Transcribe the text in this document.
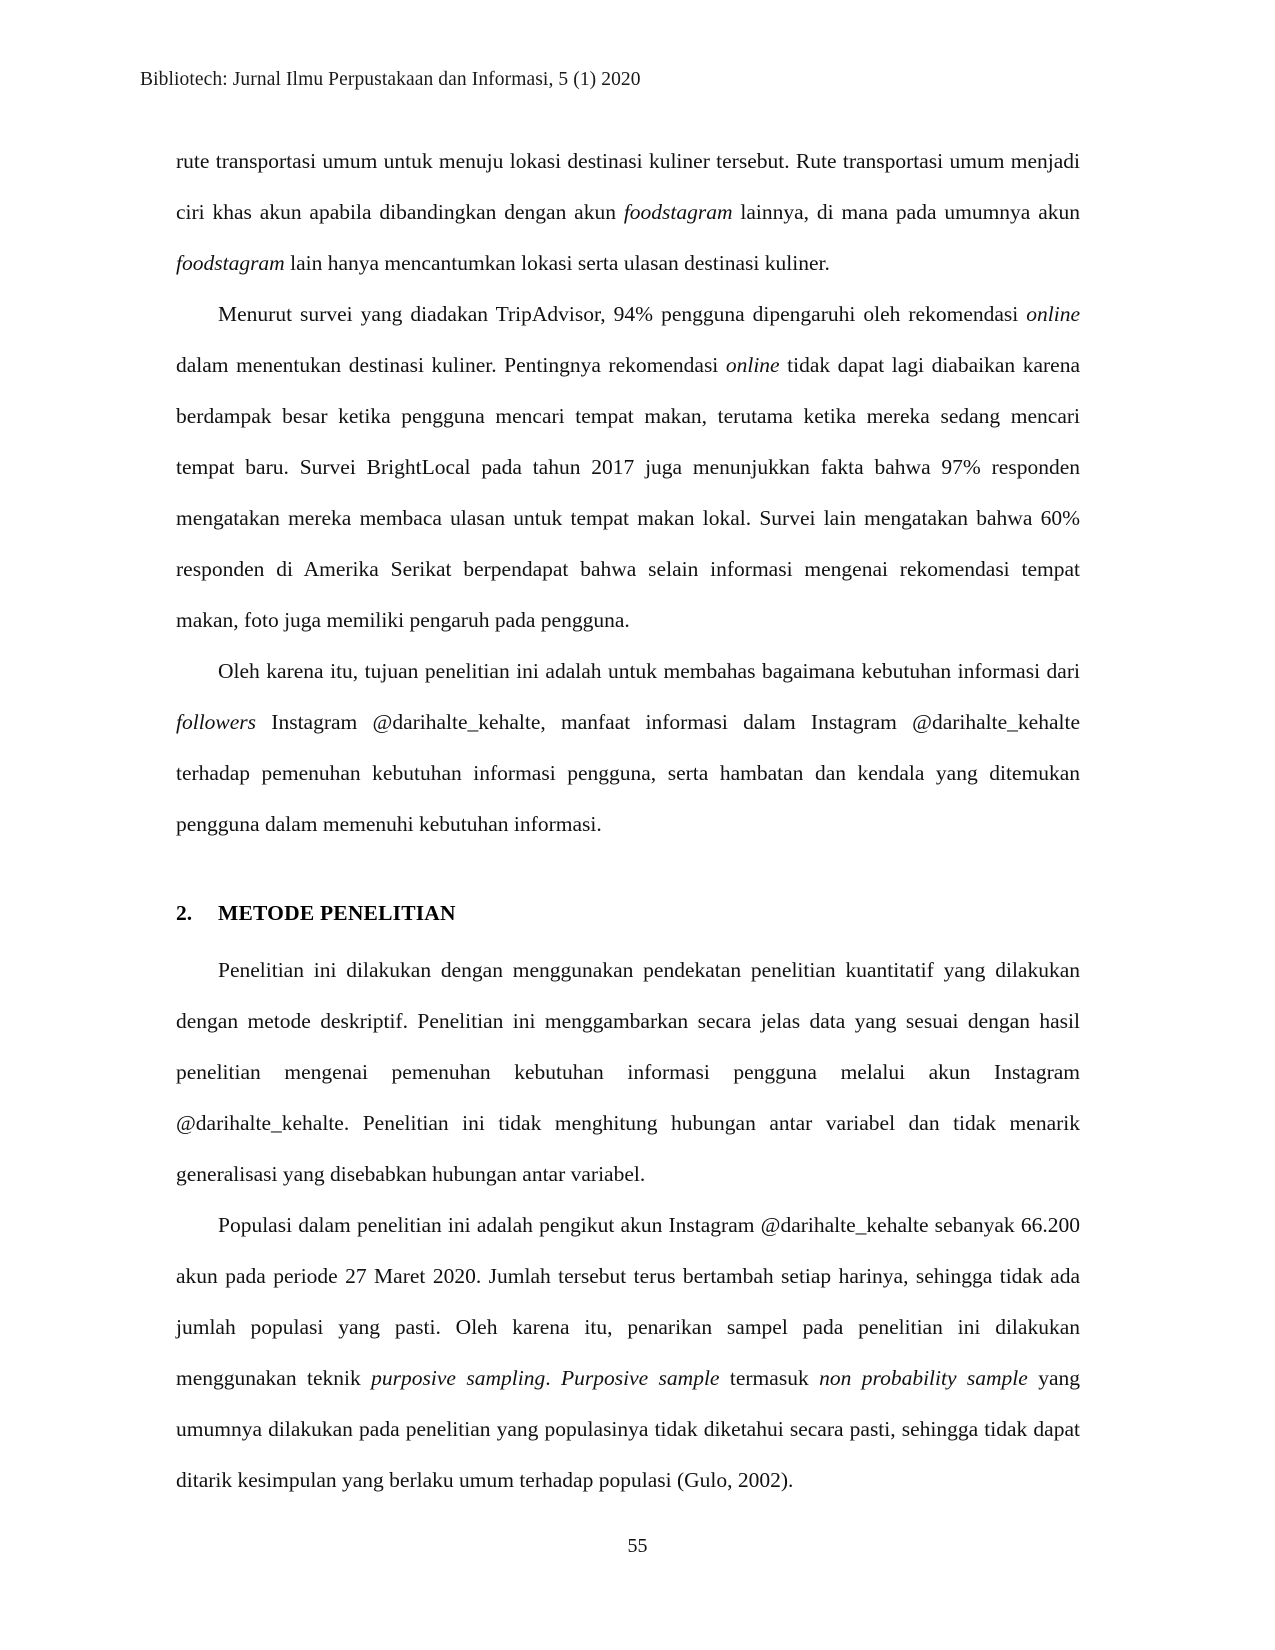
Bibliotech: Jurnal Ilmu Perpustakaan dan Informasi, 5 (1) 2020

rute transportasi umum untuk menuju lokasi destinasi kuliner tersebut. Rute transportasi umum menjadi ciri khas akun apabila dibandingkan dengan akun foodstagram lainnya, di mana pada umumnya akun foodstagram lain hanya mencantumkan lokasi serta ulasan destinasi kuliner.

Menurut survei yang diadakan TripAdvisor, 94% pengguna dipengaruhi oleh rekomendasi online dalam menentukan destinasi kuliner. Pentingnya rekomendasi online tidak dapat lagi diabaikan karena berdampak besar ketika pengguna mencari tempat makan, terutama ketika mereka sedang mencari tempat baru. Survei BrightLocal pada tahun 2017 juga menunjukkan fakta bahwa 97% responden mengatakan mereka membaca ulasan untuk tempat makan lokal. Survei lain mengatakan bahwa 60% responden di Amerika Serikat berpendapat bahwa selain informasi mengenai rekomendasi tempat makan, foto juga memiliki pengaruh pada pengguna.

Oleh karena itu, tujuan penelitian ini adalah untuk membahas bagaimana kebutuhan informasi dari followers Instagram @darihalte_kehalte, manfaat informasi dalam Instagram @darihalte_kehalte terhadap pemenuhan kebutuhan informasi pengguna, serta hambatan dan kendala yang ditemukan pengguna dalam memenuhi kebutuhan informasi.

2.	METODE PENELITIAN

Penelitian ini dilakukan dengan menggunakan pendekatan penelitian kuantitatif yang dilakukan dengan metode deskriptif. Penelitian ini menggambarkan secara jelas data yang sesuai dengan hasil penelitian mengenai pemenuhan kebutuhan informasi pengguna melalui akun Instagram @darihalte_kehalte. Penelitian ini tidak menghitung hubungan antar variabel dan tidak menarik generalisasi yang disebabkan hubungan antar variabel.

Populasi dalam penelitian ini adalah pengikut akun Instagram @darihalte_kehalte sebanyak 66.200 akun pada periode 27 Maret 2020. Jumlah tersebut terus bertambah setiap harinya, sehingga tidak ada jumlah populasi yang pasti. Oleh karena itu, penarikan sampel pada penelitian ini dilakukan menggunakan teknik purposive sampling. Purposive sample termasuk non probability sample yang umumnya dilakukan pada penelitian yang populasinya tidak diketahui secara pasti, sehingga tidak dapat ditarik kesimpulan yang berlaku umum terhadap populasi (Gulo, 2002).

55
